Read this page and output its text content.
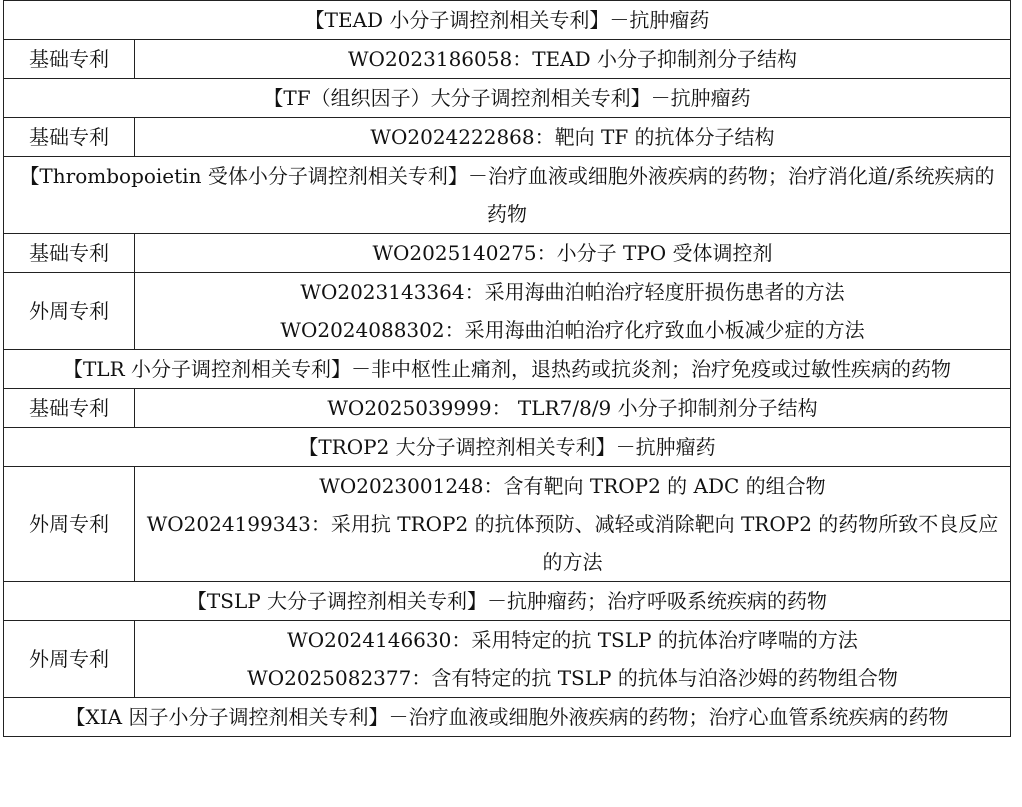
【TEAD 小分子调控剂相关专利】－抗肿瘤药	
基础专利	WO2023186058：TEAD 小分子抑制剂分子结构

【TF（组织因子）大分子调控剂相关专利】－抗肿瘤药	
基础专利	WO2024222868：靶向 TF 的抗体分子结构

【Thrombopoietin 受体小分子调控剂相关专利】－治疗血液或细胞外液疾病的药物；治疗消化道/系统疾病的药物	
基础专利	WO2025140275：小分子 TPO 受体调控剂

外周专利	WO2023143364：采用海曲泊帕治疗轻度肝损伤患者的方法
WO2024088302：采用海曲泊帕治疗化疗致血小板减少症的方法

【TLR 小分子调控剂相关专利】－非中枢性止痛剂，退热药或抗炎剂；治疗免疫或过敏性疾病的药物	
基础专利	WO2025039999： TLR7/8/9 小分子抑制剂分子结构

【TROP2 大分子调控剂相关专利】－抗肿瘤药	
外周专利	WO2023001248：含有靶向 TROP2 的 ADC 的组合物
WO2024199343：采用抗 TROP2 的抗体预防、减轻或消除靶向 TROP2 的药物所致不良反应的方法

【TSLP 大分子调控剂相关专利】－抗肿瘤药；治疗呼吸系统疾病的药物	
外周专利	WO2024146630：采用特定的抗 TSLP 的抗体治疗哮喘的方法
WO2025082377：含有特定的抗 TSLP 的抗体与泊洛沙姆的药物组合物

【XIA 因子小分子调控剂相关专利】－治疗血液或细胞外液疾病的药物；治疗心血管系统疾病的药物	
